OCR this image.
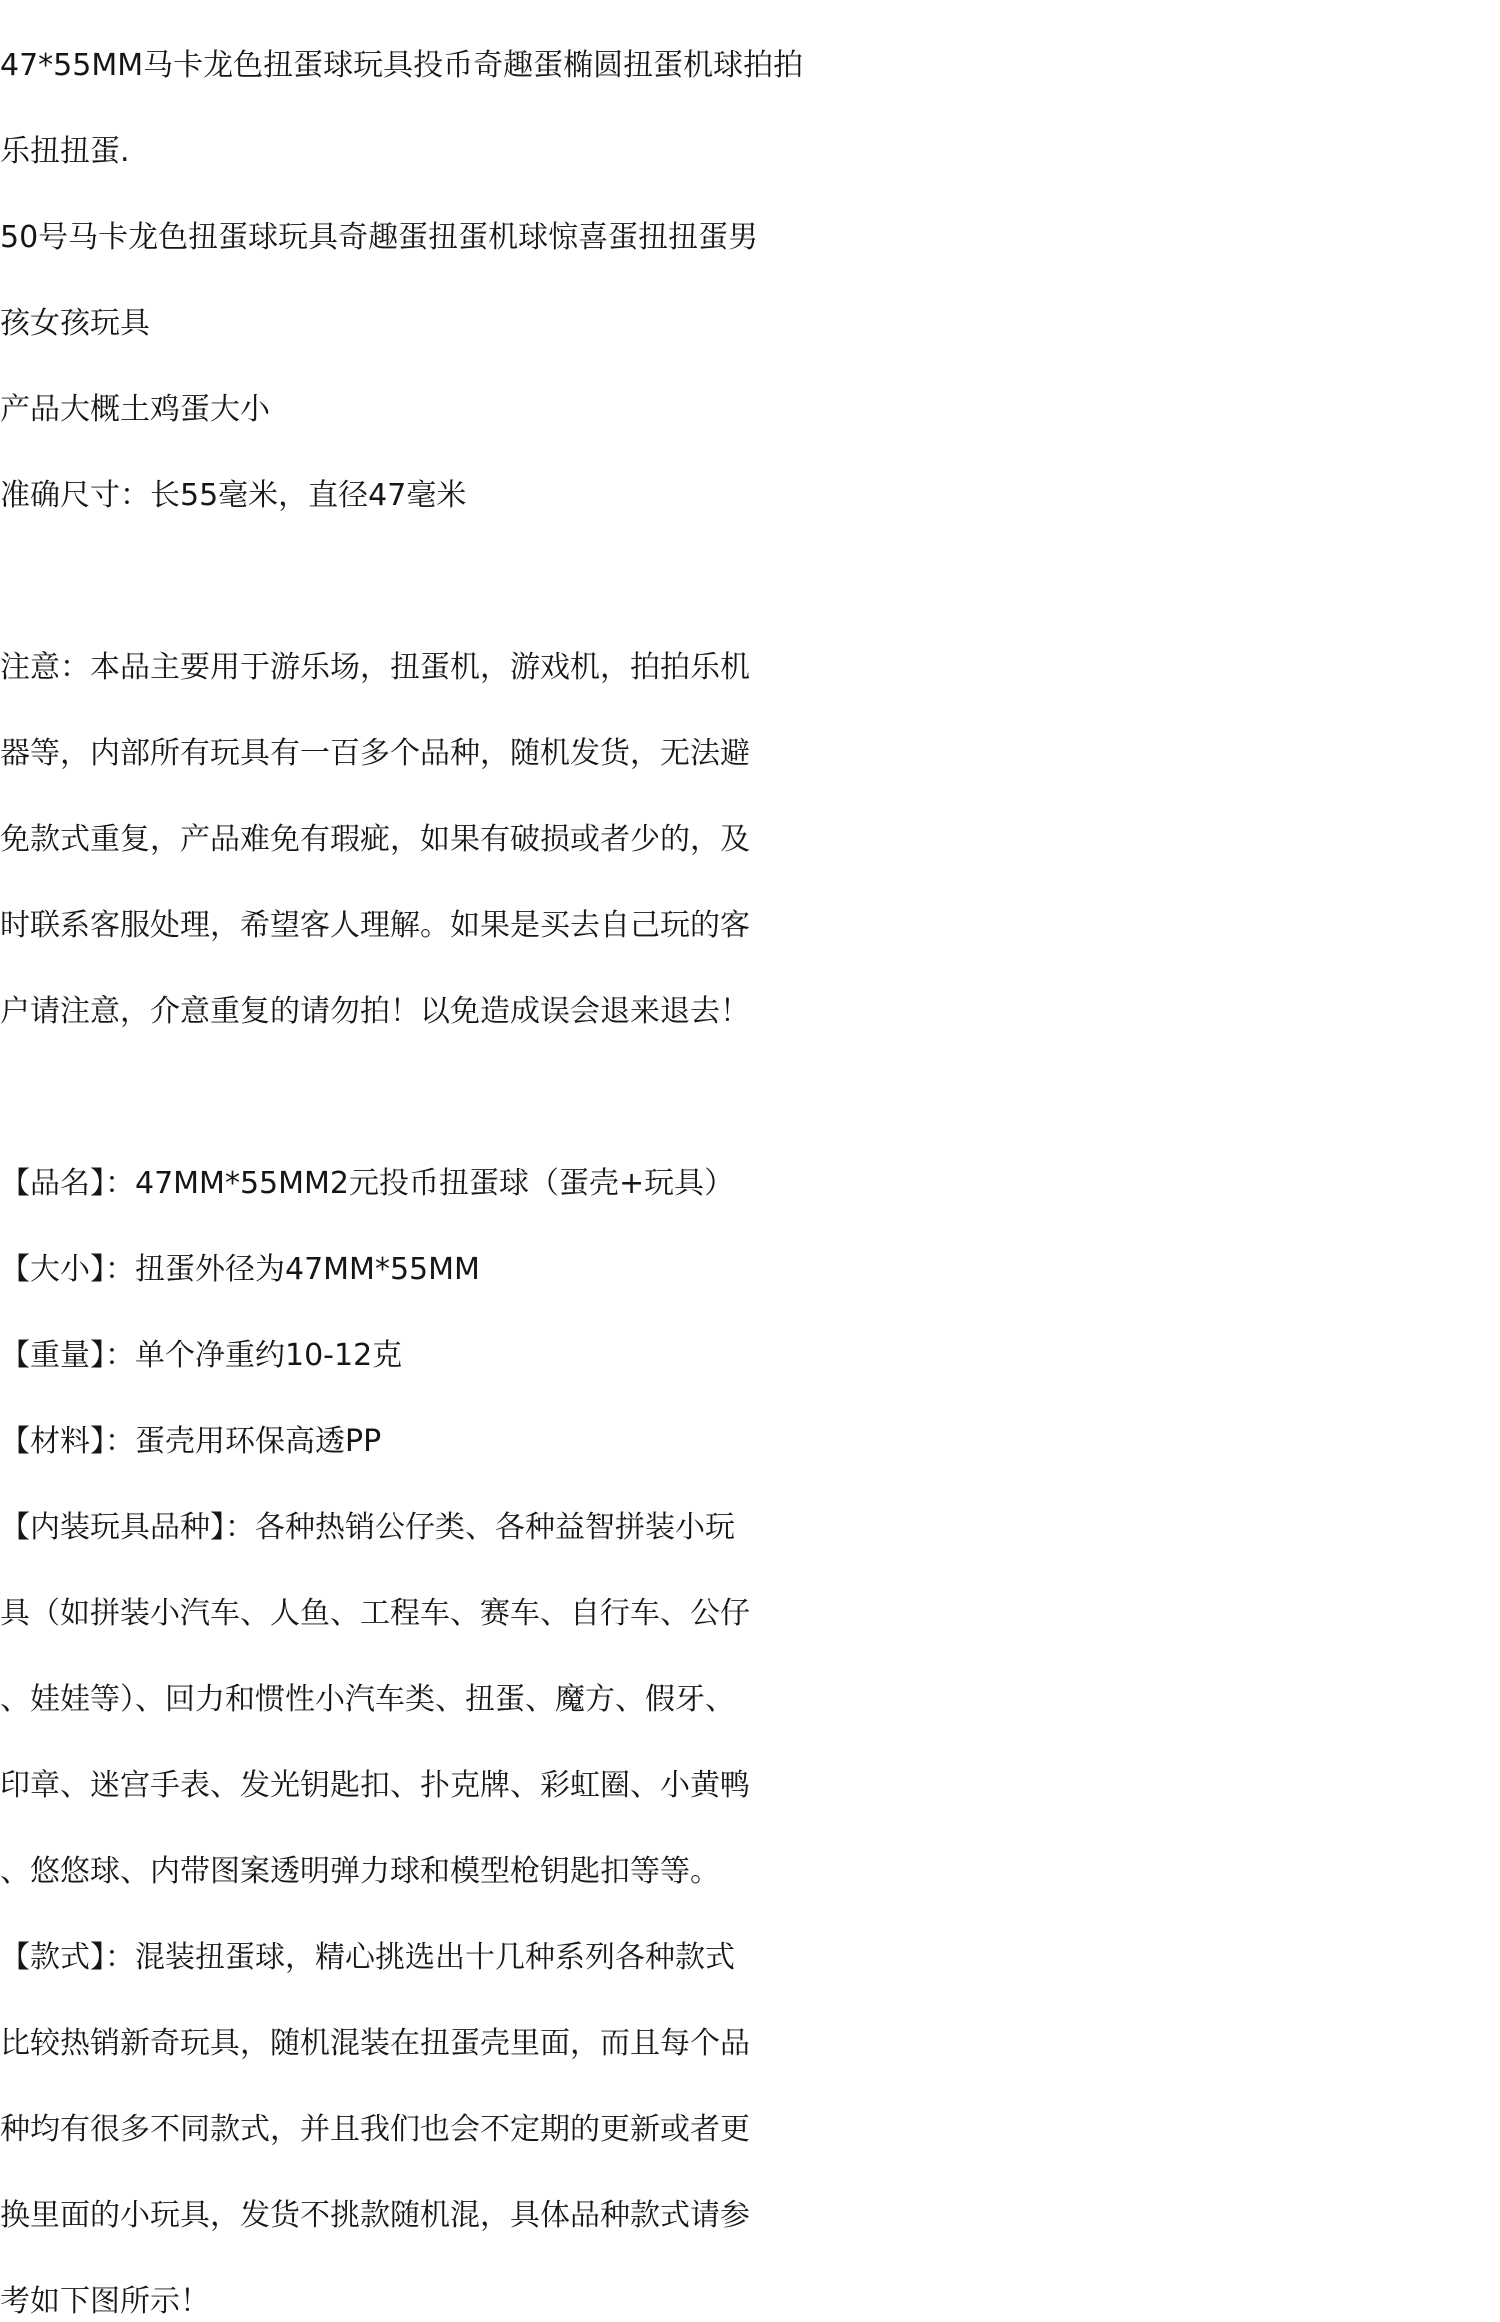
47*55MM马卡龙色扭蛋球玩具投币奇趣蛋椭圆扭蛋机球拍拍
乐扭扭蛋.
50号马卡龙色扭蛋球玩具奇趣蛋扭蛋机球惊喜蛋扭扭蛋男
孩女孩玩具
产品大概土鸡蛋大小
准确尺寸：长55毫米，直径47毫米
注意：本品主要用于游乐场，扭蛋机，游戏机，拍拍乐机
器等，内部所有玩具有一百多个品种，随机发货，无法避
免款式重复，产品难免有瑕疵，如果有破损或者少的，及
时联系客服处理，希望客人理解。如果是买去自己玩的客
户请注意，介意重复的请勿拍！以免造成误会退来退去！
【品名】：47MM*55MM2元投币扭蛋球（蛋壳+玩具）
【大小】：扭蛋外径为47MM*55MM
【重量】：单个净重约10-12克
【材料】：蛋壳用环保高透PP
【内装玩具品种】：各种热销公仔类、各种益智拼装小玩
具（如拼装小汽车、人鱼、工程车、赛车、自行车、公仔
、娃娃等）、回力和惯性小汽车类、扭蛋、魔方、假牙、
印章、迷宫手表、发光钥匙扣、扑克牌、彩虹圈、小黄鸭
、悠悠球、内带图案透明弹力球和模型枪钥匙扣等等。
【款式】：混装扭蛋球，精心挑选出十几种系列各种款式
比较热销新奇玩具，随机混装在扭蛋壳里面，而且每个品
种均有很多不同款式，并且我们也会不定期的更新或者更
换里面的小玩具，发货不挑款随机混，具体品种款式请参
考如下图所示！
